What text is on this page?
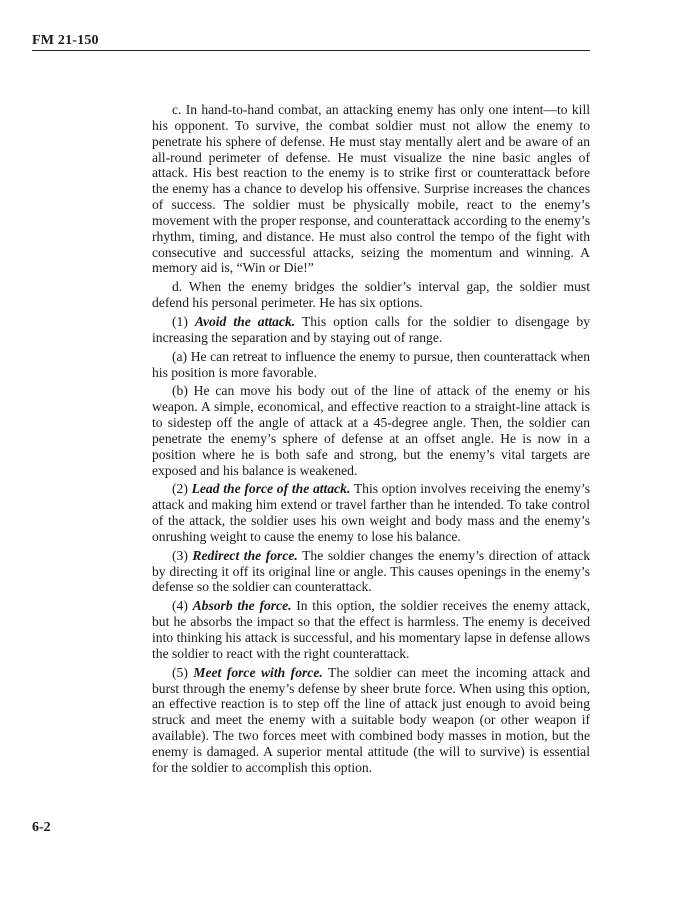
FM 21-150

c. In hand-to-hand combat, an attacking enemy has only one intent—to kill his opponent. To survive, the combat soldier must not allow the enemy to penetrate his sphere of defense. He must stay mentally alert and be aware of an all-round perimeter of defense. He must visualize the nine basic angles of attack. His best reaction to the enemy is to strike first or counterattack before the enemy has a chance to develop his offensive. Surprise increases the chances of success. The soldier must be physically mobile, react to the enemy’s movement with the proper response, and counterattack according to the enemy’s rhythm, timing, and distance. He must also control the tempo of the fight with consecutive and successful attacks, seizing the momentum and winning. A memory aid is, “Win or Die!”

d. When the enemy bridges the soldier’s interval gap, the soldier must defend his personal perimeter. He has six options.

(1) Avoid the attack. This option calls for the soldier to disengage by increasing the separation and by staying out of range.

(a) He can retreat to influence the enemy to pursue, then counterattack when his position is more favorable.

(b) He can move his body out of the line of attack of the enemy or his weapon. A simple, economical, and effective reaction to a straight-line attack is to sidestep off the angle of attack at a 45-degree angle. Then, the soldier can penetrate the enemy’s sphere of defense at an offset angle. He is now in a position where he is both safe and strong, but the enemy’s vital targets are exposed and his balance is weakened.

(2) Lead the force of the attack. This option involves receiving the enemy’s attack and making him extend or travel farther than he intended. To take control of the attack, the soldier uses his own weight and body mass and the enemy’s onrushing weight to cause the enemy to lose his balance.

(3) Redirect the force. The soldier changes the enemy’s direction of attack by directing it off its original line or angle. This causes openings in the enemy’s defense so the soldier can counterattack.

(4) Absorb the force. In this option, the soldier receives the enemy attack, but he absorbs the impact so that the effect is harmless. The enemy is deceived into thinking his attack is successful, and his momentary lapse in defense allows the soldier to react with the right counterattack.

(5) Meet force with force. The soldier can meet the incoming attack and burst through the enemy’s defense by sheer brute force. When using this option, an effective reaction is to step off the line of attack just enough to avoid being struck and meet the enemy with a suitable body weapon (or other weapon if available). The two forces meet with combined body masses in motion, but the enemy is damaged. A superior mental attitude (the will to survive) is essential for the soldier to accomplish this option.

6-2
